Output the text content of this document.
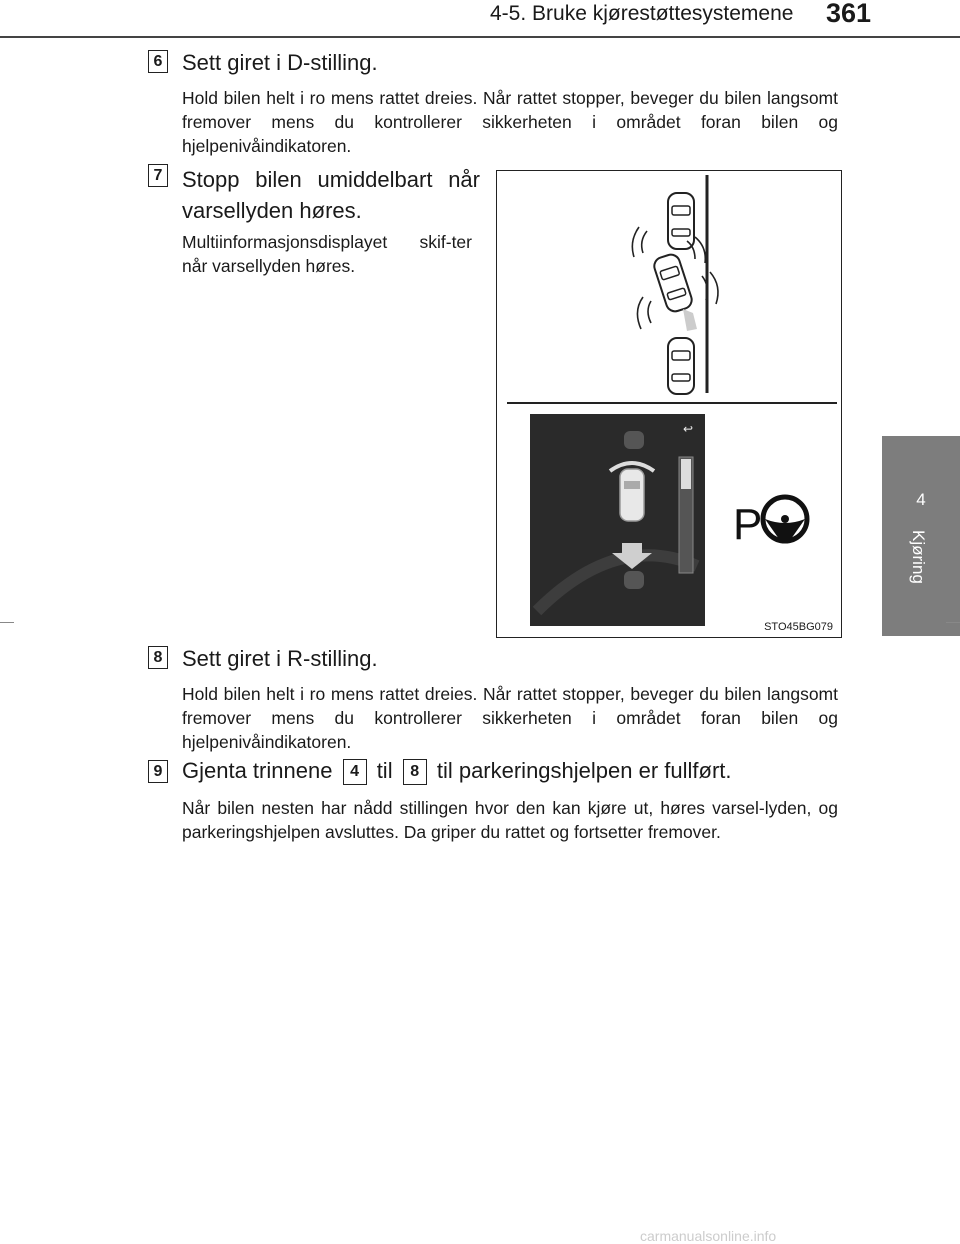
4-5. Bruke kjørestøttesystemene 361
4
Kjøring
6 Sett giret i D-stilling.
Hold bilen helt i ro mens rattet dreies. Når rattet stopper, beveger du bilen langsomt fremover mens du kontrollerer sikkerheten i området foran bilen og hjelpenivåindikatoren.
7 Stopp bilen umiddelbart når varsellyden høres.
Multiinformasjonsdisplayet skif-ter når varsellyden høres.
↩
P
STO45BG079
8 Sett giret i R-stilling.
Hold bilen helt i ro mens rattet dreies. Når rattet stopper, beveger du bilen langsomt fremover mens du kontrollerer sikkerheten i området foran bilen og hjelpenivåindikatoren.
9 Gjenta trinnene 4 til 8 til parkeringshjelpen er fullført.
Når bilen nesten har nådd stillingen hvor den kan kjøre ut, høres varsel-lyden, og parkeringshjelpen avsluttes. Da griper du rattet og fortsetter fremover.
carmanualsonline.info
